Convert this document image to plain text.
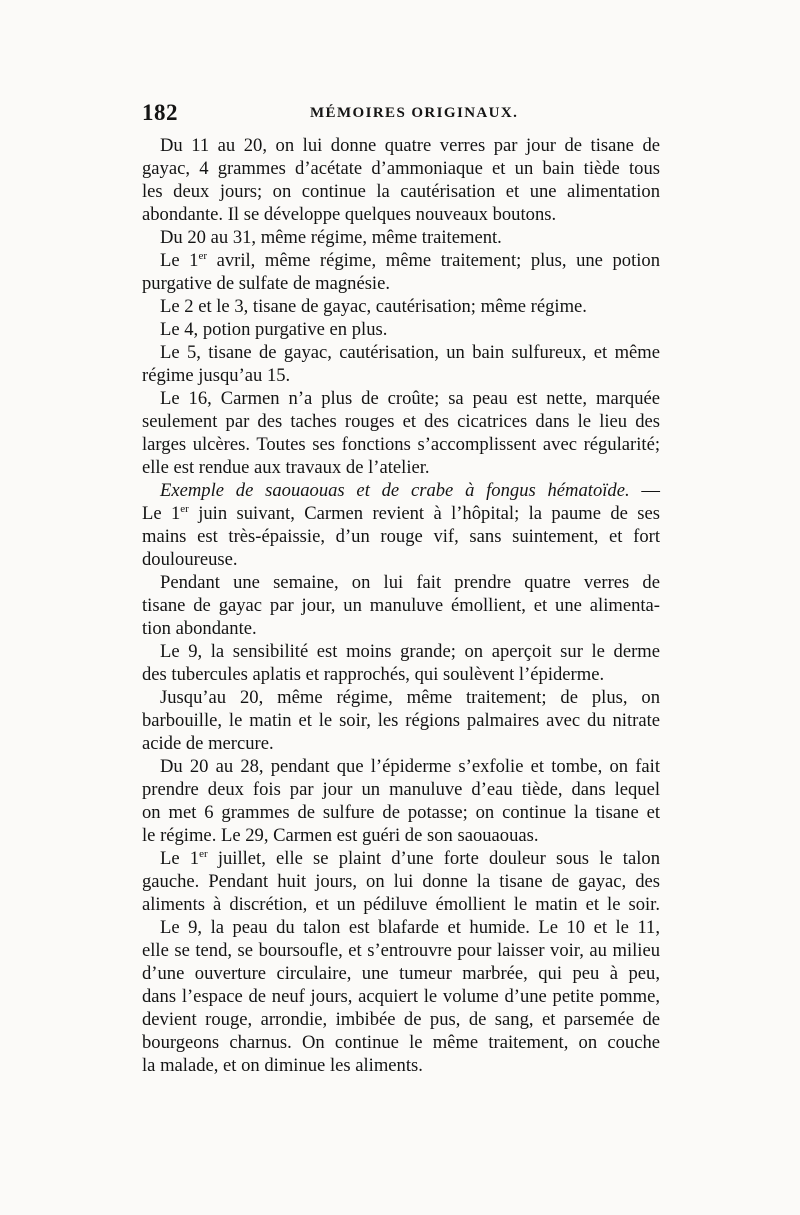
182	MÉMOIRES ORIGINAUX.
Du 11 au 20, on lui donne quatre verres par jour de tisane de
gayac, 4 grammes d’acétate d’ammoniaque et un bain tiède tous
les deux jours; on continue la cautérisation et une alimentation
abondante. Il se développe quelques nouveaux boutons.
Du 20 au 31, même régime, même traitement.
Le 1er avril, même régime, même traitement; plus, une potion
purgative de sulfate de magnésie.
Le 2 et le 3, tisane de gayac, cautérisation; même régime.
Le 4, potion purgative en plus.
Le 5, tisane de gayac, cautérisation, un bain sulfureux, et même
régime jusqu’au 15.
Le 16, Carmen n’a plus de croûte; sa peau est nette, marquée
seulement par des taches rouges et des cicatrices dans le lieu des
larges ulcères. Toutes ses fonctions s’accomplissent avec régularité;
elle est rendue aux travaux de l’atelier.
Exemple de saouaouas et de crabe à fongus hématoïde. —
Le 1er juin suivant, Carmen revient à l’hôpital; la paume de ses
mains est très-épaissie, d’un rouge vif, sans suintement, et fort
douloureuse.
Pendant une semaine, on lui fait prendre quatre verres de
tisane de gayac par jour, un manuluve émollient, et une alimenta-
tion abondante.
Le 9, la sensibilité est moins grande; on aperçoit sur le derme
des tubercules aplatis et rapprochés, qui soulèvent l’épiderme.
Jusqu’au 20, même régime, même traitement; de plus, on
barbouille, le matin et le soir, les régions palmaires avec du nitrate
acide de mercure.
Du 20 au 28, pendant que l’épiderme s’exfolie et tombe, on fait
prendre deux fois par jour un manuluve d’eau tiède, dans lequel
on met 6 grammes de sulfure de potasse; on continue la tisane et
le régime. Le 29, Carmen est guéri de son saouaouas.
Le 1er juillet, elle se plaint d’une forte douleur sous le talon
gauche. Pendant huit jours, on lui donne la tisane de gayac, des
aliments à discrétion, et un pédiluve émollient le matin et le soir.
Le 9, la peau du talon est blafarde et humide. Le 10 et le 11,
elle se tend, se boursoufle, et s’entrouvre pour laisser voir, au milieu
d’une ouverture circulaire, une tumeur marbrée, qui peu à peu,
dans l’espace de neuf jours, acquiert le volume d’une petite pomme,
devient rouge, arrondie, imbibée de pus, de sang, et parsemée de
bourgeons charnus. On continue le même traitement, on couche
la malade, et on diminue les aliments.
